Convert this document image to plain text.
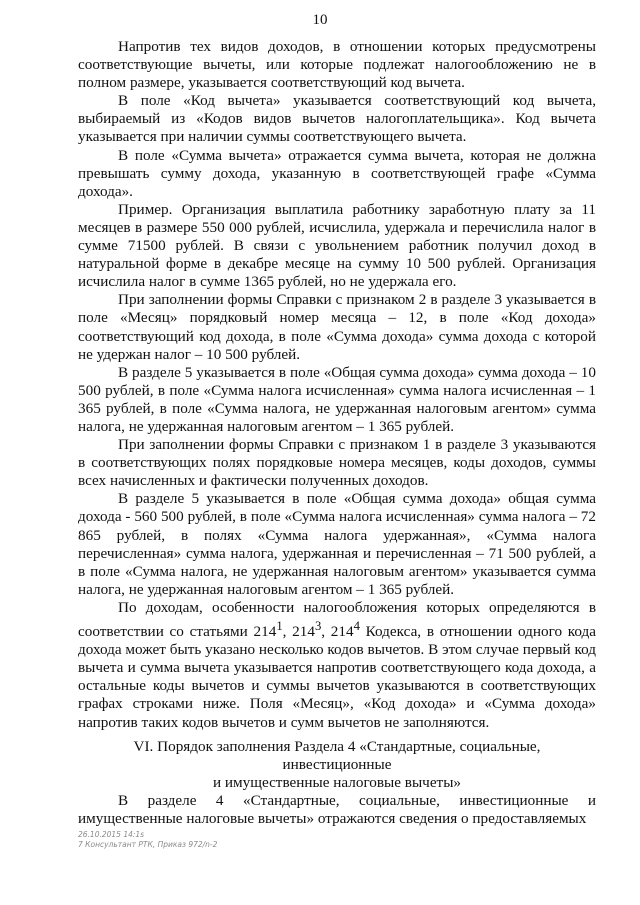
10

Напротив тех видов доходов, в отношении которых предусмотрены соответствующие вычеты, или которые подлежат налогообложению не в полном размере, указывается соответствующий код вычета.

В поле «Код вычета» указывается соответствующий код вычета, выбираемый из «Кодов видов вычетов налогоплательщика». Код вычета указывается при наличии суммы соответствующего вычета.

В поле «Сумма вычета» отражается сумма вычета, которая не должна превышать сумму дохода, указанную в соответствующей графе «Сумма дохода».

Пример. Организация выплатила работнику заработную плату за 11 месяцев в размере 550 000 рублей, исчислила, удержала и перечислила налог в сумме 71500 рублей. В связи с увольнением работник получил доход в натуральной форме в декабре месяце на сумму 10 500 рублей. Организация исчислила налог в сумме 1365 рублей, но не удержала его.

При заполнении формы Справки с признаком 2 в разделе 3 указывается в поле «Месяц» порядковый номер месяца – 12, в поле «Код дохода» соответствующий код дохода, в поле «Сумма дохода» сумма дохода с которой не удержан налог – 10 500 рублей.

В разделе 5 указывается в поле «Общая сумма дохода» сумма дохода – 10 500 рублей, в поле «Сумма налога исчисленная» сумма налога исчисленная – 1 365 рублей, в поле «Сумма налога, не удержанная налоговым агентом» сумма налога, не удержанная налоговым агентом – 1 365 рублей.

При заполнении формы Справки с признаком 1 в разделе 3 указываются в соответствующих полях порядковые номера месяцев, коды доходов, суммы всех начисленных и фактически полученных доходов.

В разделе 5 указывается в поле «Общая сумма дохода» общая сумма дохода - 560 500 рублей, в поле «Сумма налога исчисленная» сумма налога – 72 865 рублей, в полях «Сумма налога удержанная», «Сумма налога перечисленная» сумма налога, удержанная и перечисленная – 71 500 рублей, а в поле «Сумма налога, не удержанная налоговым агентом» указывается сумма налога, не удержанная налоговым агентом – 1 365 рублей.

По доходам, особенности налогообложения которых определяются в соответствии со статьями $214^1$, $214^3$, $214^4$ Кодекса, в отношении одного кода дохода может быть указано несколько кодов вычетов. В этом случае первый код вычета и сумма вычета указывается напротив соответствующего кода дохода, а остальные коды вычетов и суммы вычетов указываются в соответствующих графах строками ниже. Поля «Месяц», «Код дохода» и «Сумма дохода» напротив таких кодов вычетов и сумм вычетов не заполняются.

VI. Порядок заполнения Раздела 4 «Стандартные, социальные, инвестиционные
и имущественные налоговые вычеты»

В разделе 4 «Стандартные, социальные, инвестиционные и имущественные налоговые вычеты» отражаются сведения о предоставляемых

26.10.2015 14:1s
7 Консультант РТК, Приказ 972/n-2
